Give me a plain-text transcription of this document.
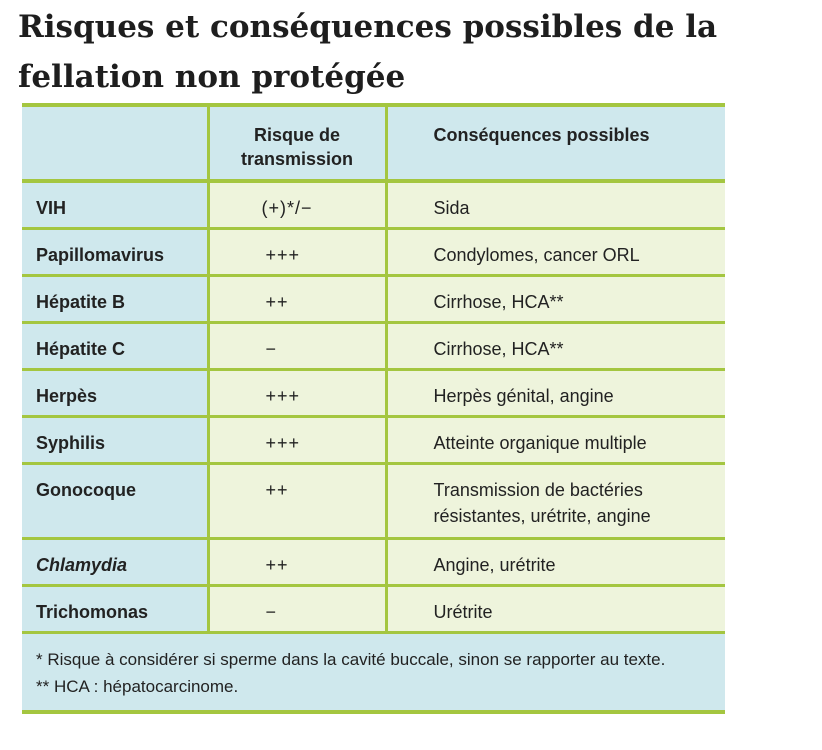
Risques et conséquences possibles de la fellation non protégée
	Risque de transmission	Conséquences possibles
VIH	(+)*/−	Sida
Papillomavirus	+++	Condylomes, cancer ORL
Hépatite B	++	Cirrhose, HCA**
Hépatite C	−	Cirrhose, HCA**
Herpès	+++	Herpès génital, angine
Syphilis	+++	Atteinte organique multiple
Gonocoque	++	Transmission de bactéries résistantes, urétrite, angine
Chlamydia	++	Angine, urétrite
Trichomonas	−	Urétrite

* Risque à considérer si sperme dans la cavité buccale, sinon se rapporter au texte.

** HCA : hépatocarcinome.
